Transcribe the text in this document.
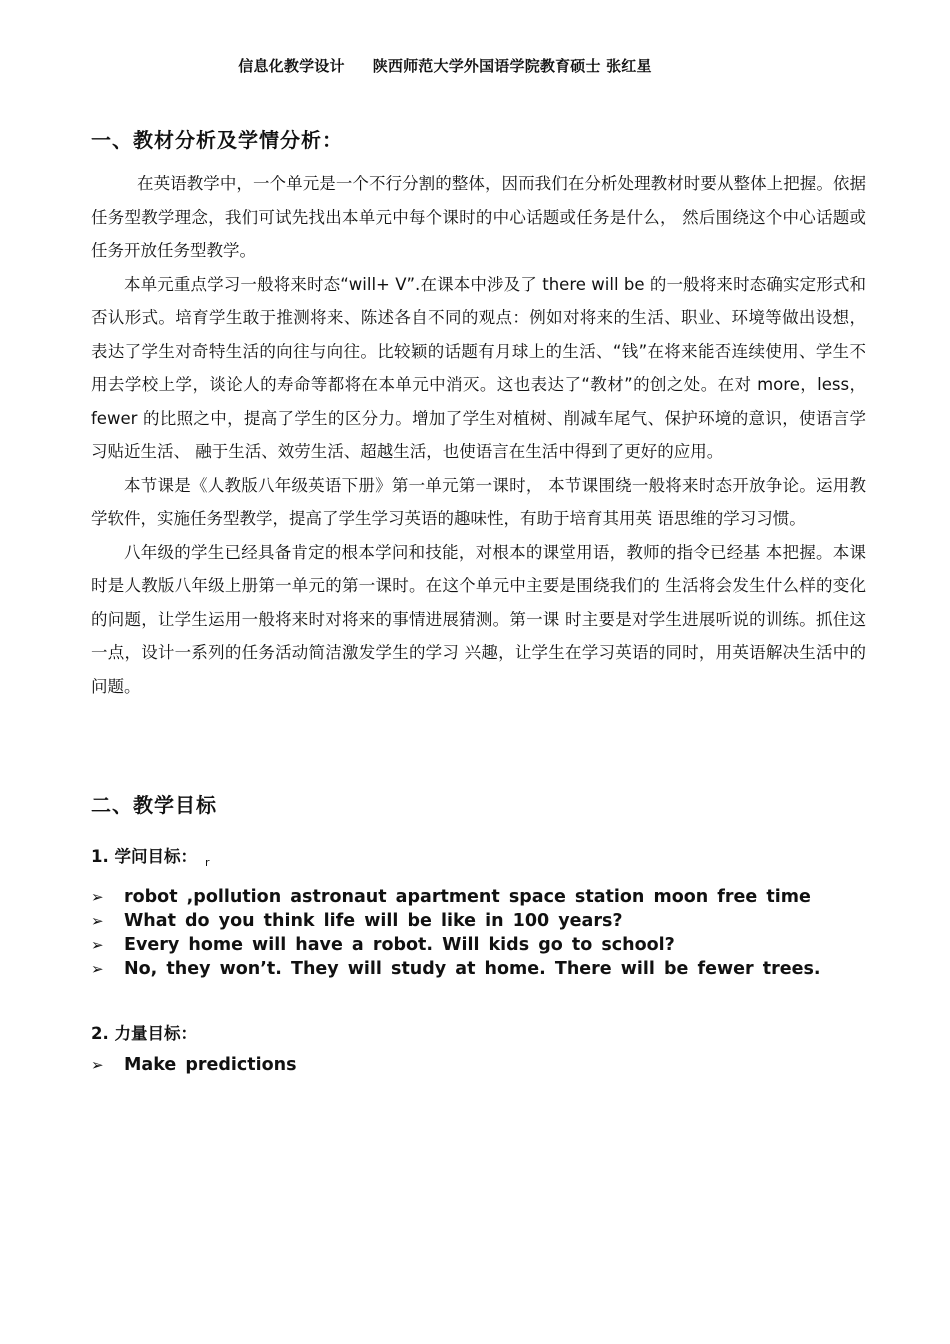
信息化教学设计 陕西师范大学外国语学院教育硕士 张红星
一、教材分析及学情分析：

在英语教学中，一个单元是一个不行分割的整体，因而我们在分析处理教材时要从整体上把握。依据任务型教学理念，我们可试先找出本单元中每个课时的中心话题或任务是什么， 然后围绕这个中心话题或任务开放任务型教学。

本单元重点学习一般将来时态“will+ V”.在课本中涉及了 there will be 的一般将来时态确实定形式和否认形式。培育学生敢于推测将来、陈述各自不同的观点：例如对将来的生活、职业、环境等做出设想，表达了学生对奇特生活的向往与向往。比较颖的话题有月球上的生活、“钱”在将来能否连续使用、学生不用去学校上学，谈论人的寿命等都将在本单元中消灭。这也表达了“教材”的创之处。在对 more，less，fewer 的比照之中，提高了学生的区分力。增加了学生对植树、削减车尾气、保护环境的意识，使语言学习贴近生活、 融于生活、效劳生活、超越生活，也使语言在生活中得到了更好的应用。

本节课是《人教版八年级英语下册》第一单元第一课时， 本节课围绕一般将来时态开放争论。运用教学软件，实施任务型教学，提高了学生学习英语的趣味性，有助于培育其用英 语思维的学习习惯。

八年级的学生已经具备肯定的根本学问和技能，对根本的课堂用语，教师的指令已经基 本把握。本课时是人教版八年级上册第一单元的第一课时。在这个单元中主要是围绕我们的 生活将会发生什么样的变化的问题，让学生运用一般将来时对将来的事情进展猜测。第一课 时主要是对学生进展听说的训练。抓住这一点，设计一系列的任务活动简洁激发学生的学习 兴趣，让学生在学习英语的同时，用英语解决生活中的问题。

二、教学目标
1. 学问目标： $_r$
➢	robot ,pollution astronaut apartment space station moon free time
➢	What do you think life will be like in 100 years?
➢	Every home will have a robot. Will kids go to school?
➢	No, they won’t. They will study at home. There will be fewer trees.
2. 力量目标：
➢	Make predictions
